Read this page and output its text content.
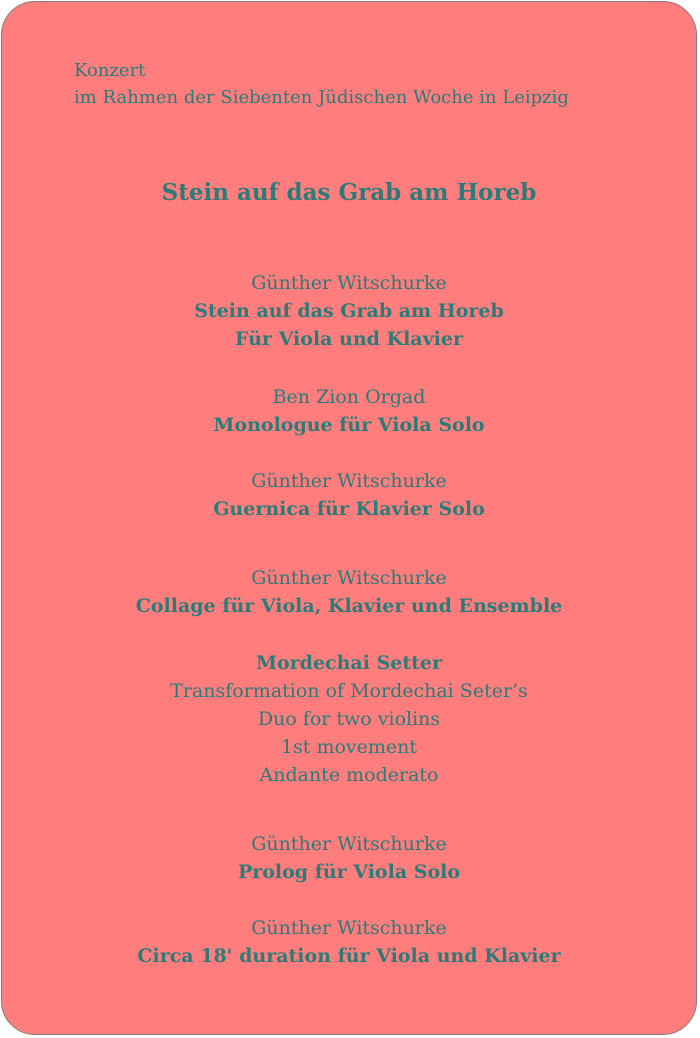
Konzert
im Rahmen der Siebenten Jüdischen Woche in Leipzig
Stein auf das Grab am Horeb
Günther Witschurke
Stein auf das Grab am Horeb
Für Viola und Klavier
Ben Zion Orgad
Monologue für Viola Solo
Günther Witschurke
Guernica für Klavier Solo
Günther Witschurke
Collage für Viola, Klavier und Ensemble
Mordechai Setter
Transformation of Mordechai Seter’s
Duo for two violins
1st movement
Andante moderato
Günther Witschurke
Prolog für Viola Solo
Günther Witschurke
Circa 18' duration für Viola und Klavier
